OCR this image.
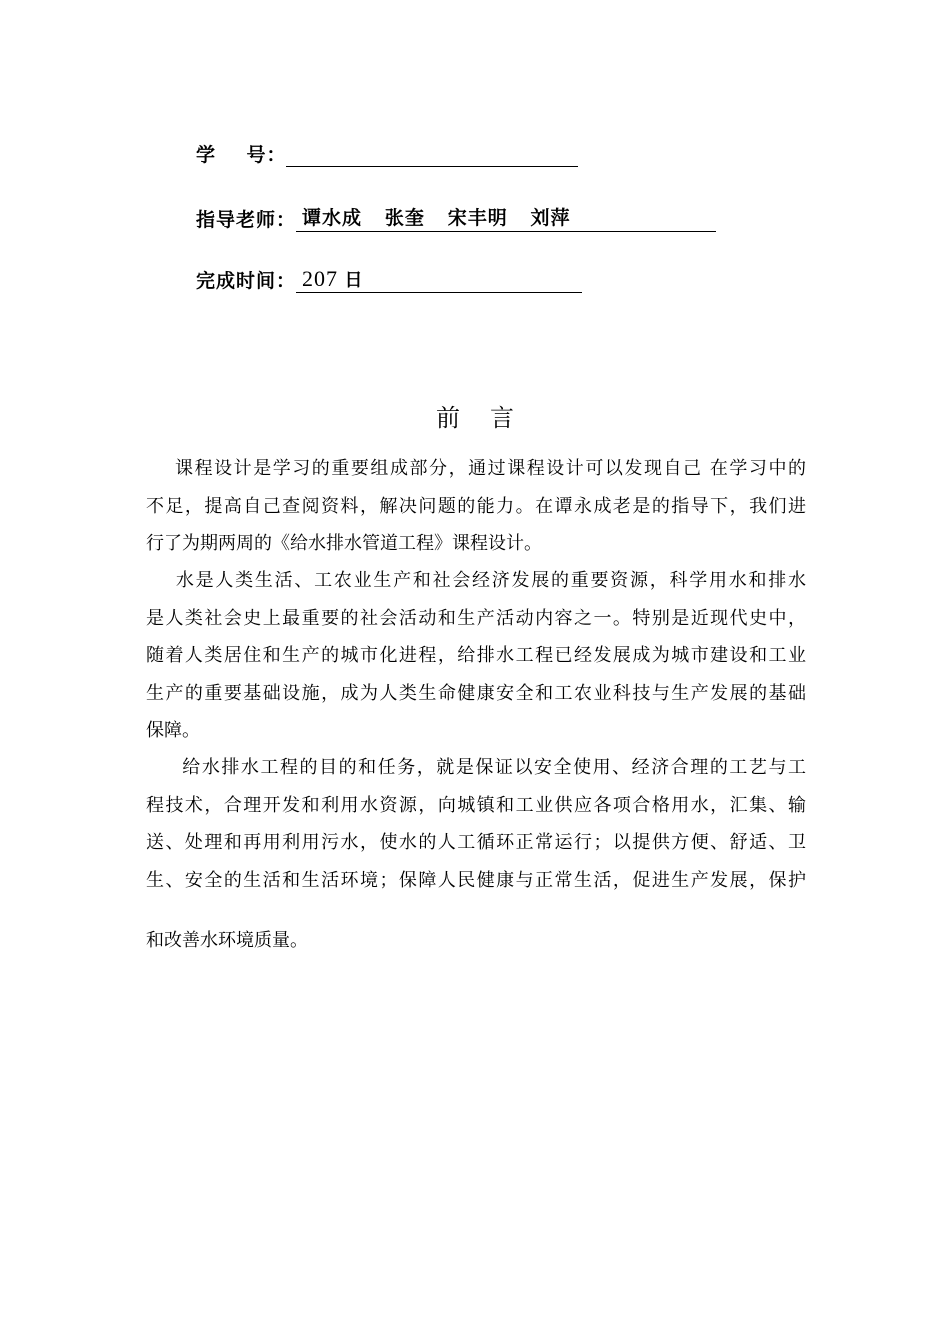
学    号：
指导老师： 谭水成   张奎   宋丰明   刘萍
完成时间： 207 日
前言
课程设计是学习的重要组成部分，通过课程设计可以发现自己 在学习中的
不足，提高自己查阅资料，解决问题的能力。在谭永成老是的指导下，我们进
行了为期两周的《给水排水管道工程》课程设计。
水是人类生活、工农业生产和社会经济发展的重要资源，科学用水和排水
是人类社会史上最重要的社会活动和生产活动内容之一。特别是近现代史中，
随着人类居住和生产的城市化进程，给排水工程已经发展成为城市建设和工业
生产的重要基础设施，成为人类生命健康安全和工农业科技与生产发展的基础
保障。
给水排水工程的目的和任务，就是保证以安全使用、经济合理的工艺与工
程技术，合理开发和利用水资源，向城镇和工业供应各项合格用水，汇集、输
送、处理和再用利用污水，使水的人工循环正常运行；以提供方便、舒适、卫
生、安全的生活和生活环境；保障人民健康与正常生活，促进生产发展，保护
和改善水环境质量。
